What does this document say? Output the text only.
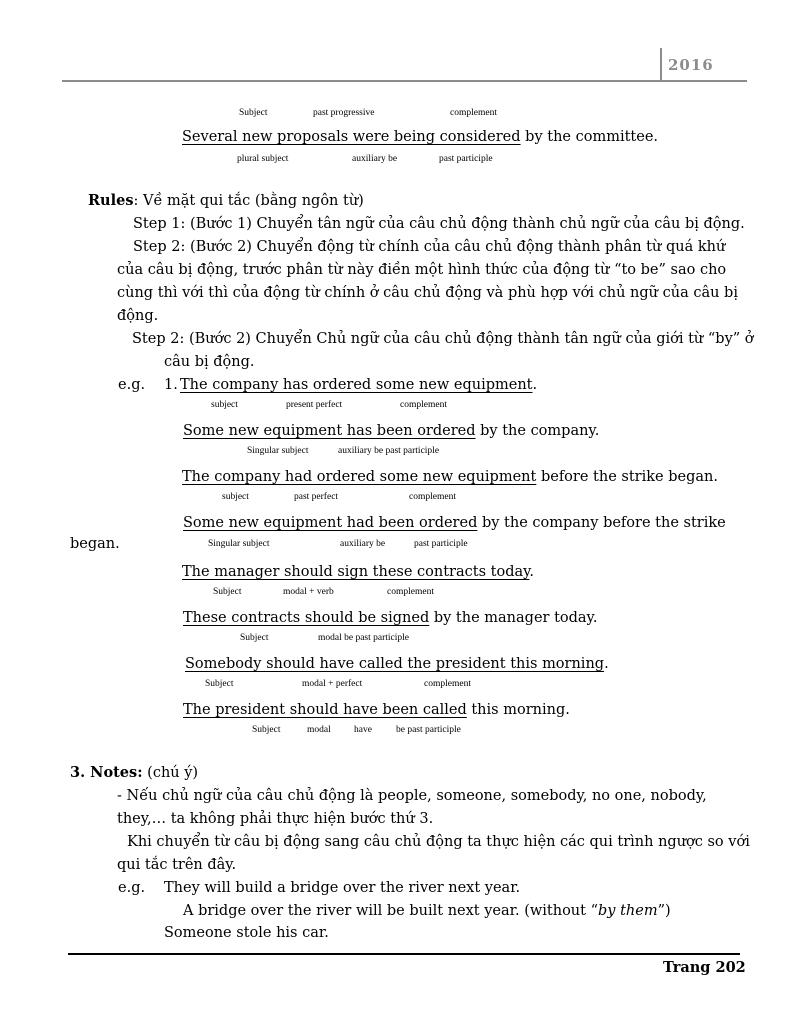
2016
Subject	past progressive	complement
Several new proposals were being considered by the committee.
plural subject	auxiliary be	past participle
Rules: Về mặt qui tắc (bằng ngôn từ)
Step 1: (Bước 1) Chuyển tân ngữ của câu chủ động thành chủ ngữ của câu bị động.
Step 2: (Bước 2) Chuyển động từ chính của câu chủ động thành phân từ quá khứ
của câu bị động, trước phân từ này điền một hình thức của động từ “to be” sao cho
cùng thì với thì của động từ chính ở câu chủ động và phù hợp với chủ ngữ của câu bị
động.
Step 2: (Bước 2) Chuyển Chủ ngữ của câu chủ động thành tân ngữ của giới từ “by” ở
câu bị động.
e.g. 1. The company has ordered some new equipment.
subject	present perfect	complement
Some new equipment has been ordered by the company.
Singular subject	auxiliary be past participle
The company had ordered some new equipment before the strike began.
subject	past perfect	complement
Some new equipment had been ordered by the company before the strike
began.	Singular subject	auxiliary be	past participle
The manager should sign these contracts today.
Subject	modal + verb	complement
These contracts should be signed by the manager today.
Subject	modal be past participle
Somebody should have called the president this morning.
Subject	modal + perfect	complement
The president should have been called this morning.
Subject	modal have	be past participle
3. Notes: (chú ý)
- Nếu chủ ngữ của câu chủ động là people, someone, somebody, no one, nobody,
they,… ta không phải thực hiện bước thứ 3.
Khi chuyển từ câu bị động sang câu chủ động ta thực hiện các qui trình ngược so với
qui tắc trên đây.
e.g. They will build a bridge over the river next year.
A bridge over the river will be built next year. (without “by them”)
Someone stole his car.
Trang 202
